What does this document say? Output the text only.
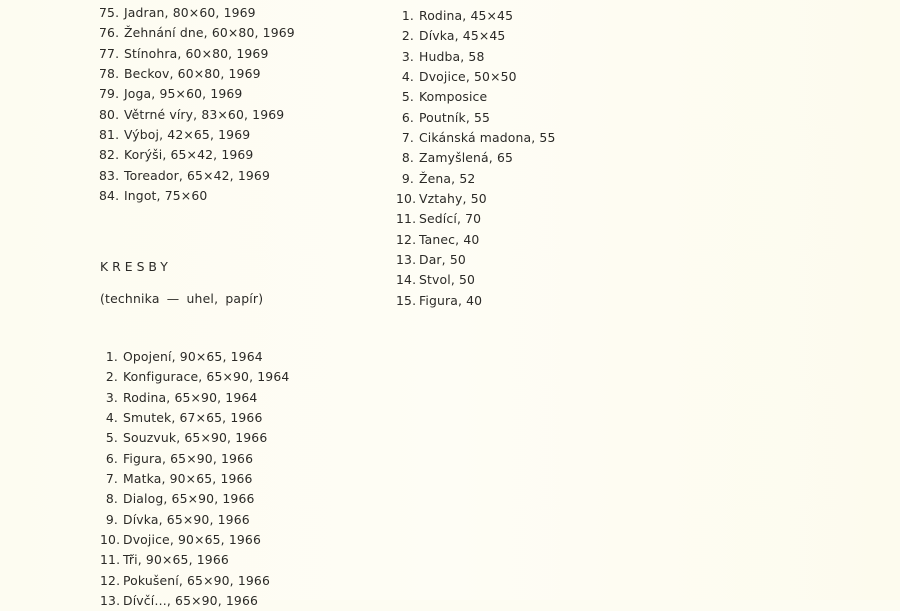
75. Jadran, 80×60, 1969
76. Žehnání dne, 60×80, 1969
77. Stínohra, 60×80, 1969
78. Beckov, 60×80, 1969
79. Joga, 95×60, 1969
80. Větrné víry, 83×60, 1969
81. Výboj, 42×65, 1969
82. Korýši, 65×42, 1969
83. Toreador, 65×42, 1969
84. Ingot, 75×60
KRESBY
(technika — uhel, papír)
1. Opojení, 90×65, 1964
2. Konfigurace, 65×90, 1964
3. Rodina, 65×90, 1964
4. Smutek, 67×65, 1966
5. Souzvuk, 65×90, 1966
6. Figura, 65×90, 1966
7. Matka, 90×65, 1966
8. Dialog, 65×90, 1966
9. Dívka, 65×90, 1966
10. Dvojice, 90×65, 1966
11. Tři, 90×65, 1966
12. Pokušení, 65×90, 1966
13. Dívčí…, 65×90, 1966
1. Rodina, 45×45
2. Dívka, 45×45
3. Hudba, 58
4. Dvojice, 50×50
5. Komposice
6. Poutník, 55
7. Cikánská madona, 55
8. Zamyšlená, 65
9. Žena, 52
10. Vztahy, 50
11. Sedící, 70
12. Tanec, 40
13. Dar, 50
14. Stvol, 50
15. Figura, 40
